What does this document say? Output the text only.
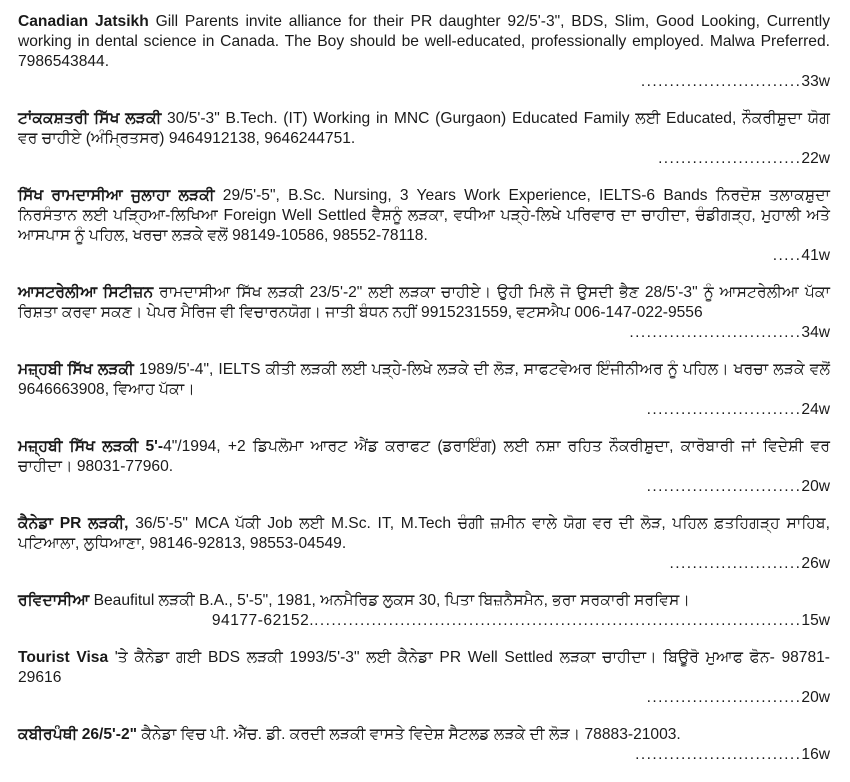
Canadian Jatsikh Gill Parents invite alliance for their PR daughter 92/5'-3", BDS, Slim, Good Looking, Currently working in dental science in Canada. The Boy should be well-educated, professionally employed. Malwa Preferred. 7986543844.
............................33w
ਟਾਂਕਕਸ਼ਤਰੀ ਸਿੱਖ ਲੜਕੀ 30/5'-3" B.Tech. (IT) Working in MNC (Gurgaon) Educated Family ਲਈ Educated, ਨੌਕਰੀਸ਼ੁਦਾ ਯੋਗ ਵਰ ਚਾਹੀਏ (ਅੰਮ੍ਰਿਤਸਰ) 9464912138, 9646244751.
.........................22w
ਸਿੱਖ ਰਾਮਦਾਸੀਆ ਜੁਲਾਹਾ ਲੜਕੀ 29/5'-5", B.Sc. Nursing, 3 Years Work Experience, IELTS-6 Bands ਨਿਰਦੋਸ਼ ਤਲਾਕਸ਼ੁਦਾ ਨਿਰਸੰਤਾਨ ਲਈ ਪੜ੍ਹਿਆ-ਲਿਖਿਆ Foreign Well Settled ਵੈਸ਼ਨੂੰ ਲੜਕਾ, ਵਧੀਆ ਪੜ੍ਹੇ-ਲਿਖੇ ਪਰਿਵਾਰ ਦਾ ਚਾਹੀਦਾ, ਚੰਡੀਗੜ੍ਹ, ਮੁਹਾਲੀ ਅਤੇ ਆਸਪਾਸ ਨੂੰ ਪਹਿਲ, ਖਰਚਾ ਲੜਕੇ ਵਲੋਂ 98149-10586, 98552-78118.
.....41w
ਆਸਟਰੇਲੀਆ ਸਿਟੀਜ਼ਨ ਰਾਮਦਾਸੀਆ ਸਿੱਖ ਲੜਕੀ 23/5'-2" ਲਈ ਲੜਕਾ ਚਾਹੀਏ। ਉਹੀ ਮਿਲੋ ਜੋ ਉਸਦੀ ਭੈਣ 28/5'-3" ਨੂੰ ਆਸਟਰੇਲੀਆ ਪੱਕਾ ਰਿਸ਼ਤਾ ਕਰਵਾ ਸਕਣ। ਪੇਪਰ ਮੈਰਿਜ ਵੀ ਵਿਚਾਰਨਯੋਗ। ਜਾਤੀ ਬੰਧਨ ਨਹੀਂ 9915231559, ਵਟਸਐਪ 006-147-022-9556
..............................34w
ਮਜ਼੍ਹਬੀ ਸਿੱਖ ਲੜਕੀ 1989/5'-4", IELTS ਕੀਤੀ ਲੜਕੀ ਲਈ ਪੜ੍ਹੇ-ਲਿਖੇ ਲੜਕੇ ਦੀ ਲੋੜ, ਸਾਫਟਵੇਅਰ ਇੰਜੀਨੀਅਰ ਨੂੰ ਪਹਿਲ। ਖਰਚਾ ਲੜਕੇ ਵਲੋਂ 9646663908, ਵਿਆਹ ਪੱਕਾ।
...........................24w
ਮਜ਼੍ਹਬੀ ਸਿੱਖ ਲੜਕੀ 5'-4"/1994, +2 ਡਿਪਲੋਮਾ ਆਰਟ ਐਂਡ ਕਰਾਫਟ (ਡਰਾਇੰਗ) ਲਈ ਨਸ਼ਾ ਰਹਿਤ ਨੌਕਰੀਸ਼ੁਦਾ, ਕਾਰੋਬਾਰੀ ਜਾਂ ਵਿਦੇਸ਼ੀ ਵਰ ਚਾਹੀਦਾ। 98031-77960.
...........................20w
ਕੈਨੇਡਾ PR ਲੜਕੀ, 36/5'-5" MCA ਪੱਕੀ Job ਲਈ M.Sc. IT, M.Tech ਚੰਗੀ ਜ਼ਮੀਨ ਵਾਲੇ ਯੋਗ ਵਰ ਦੀ ਲੋੜ, ਪਹਿਲ ਫ਼ਤਹਿਗੜ੍ਹ ਸਾਹਿਬ, ਪਟਿਆਲਾ, ਲੁਧਿਆਣਾ, 98146-92813, 98553-04549.
.......................26w
ਰਵਿਦਾਸੀਆ Beaufitul ਲੜਕੀ B.A., 5'-5", 1981, ਅਨਮੈਰਿਡ ਲੁਕਸ 30, ਪਿਤਾ ਬਿਜ਼ਨੈਸਮੈਨ, ਭਰਾ ਸਰਕਾਰੀ ਸਰਵਿਸ।
94177-62152......................................................................................15w
Tourist Visa 'ਤੇ ਕੈਨੇਡਾ ਗਈ BDS ਲੜਕੀ 1993/5'-3" ਲਈ ਕੈਨੇਡਾ PR Well Settled ਲੜਕਾ ਚਾਹੀਦਾ। ਬਿਊਰੋ ਮੁਆਫ ਫੋਨ- 98781-29616
...........................20w
ਕਬੀਰਪੰਥੀ 26/5'-2" ਕੈਨੇਡਾ ਵਿਚ ਪੀ. ਐੱਚ. ਡੀ. ਕਰਦੀ ਲੜਕੀ ਵਾਸਤੇ ਵਿਦੇਸ਼ ਸੈਟਲਡ ਲੜਕੇ ਦੀ ਲੋੜ। 78883-21003.
.............................16w
